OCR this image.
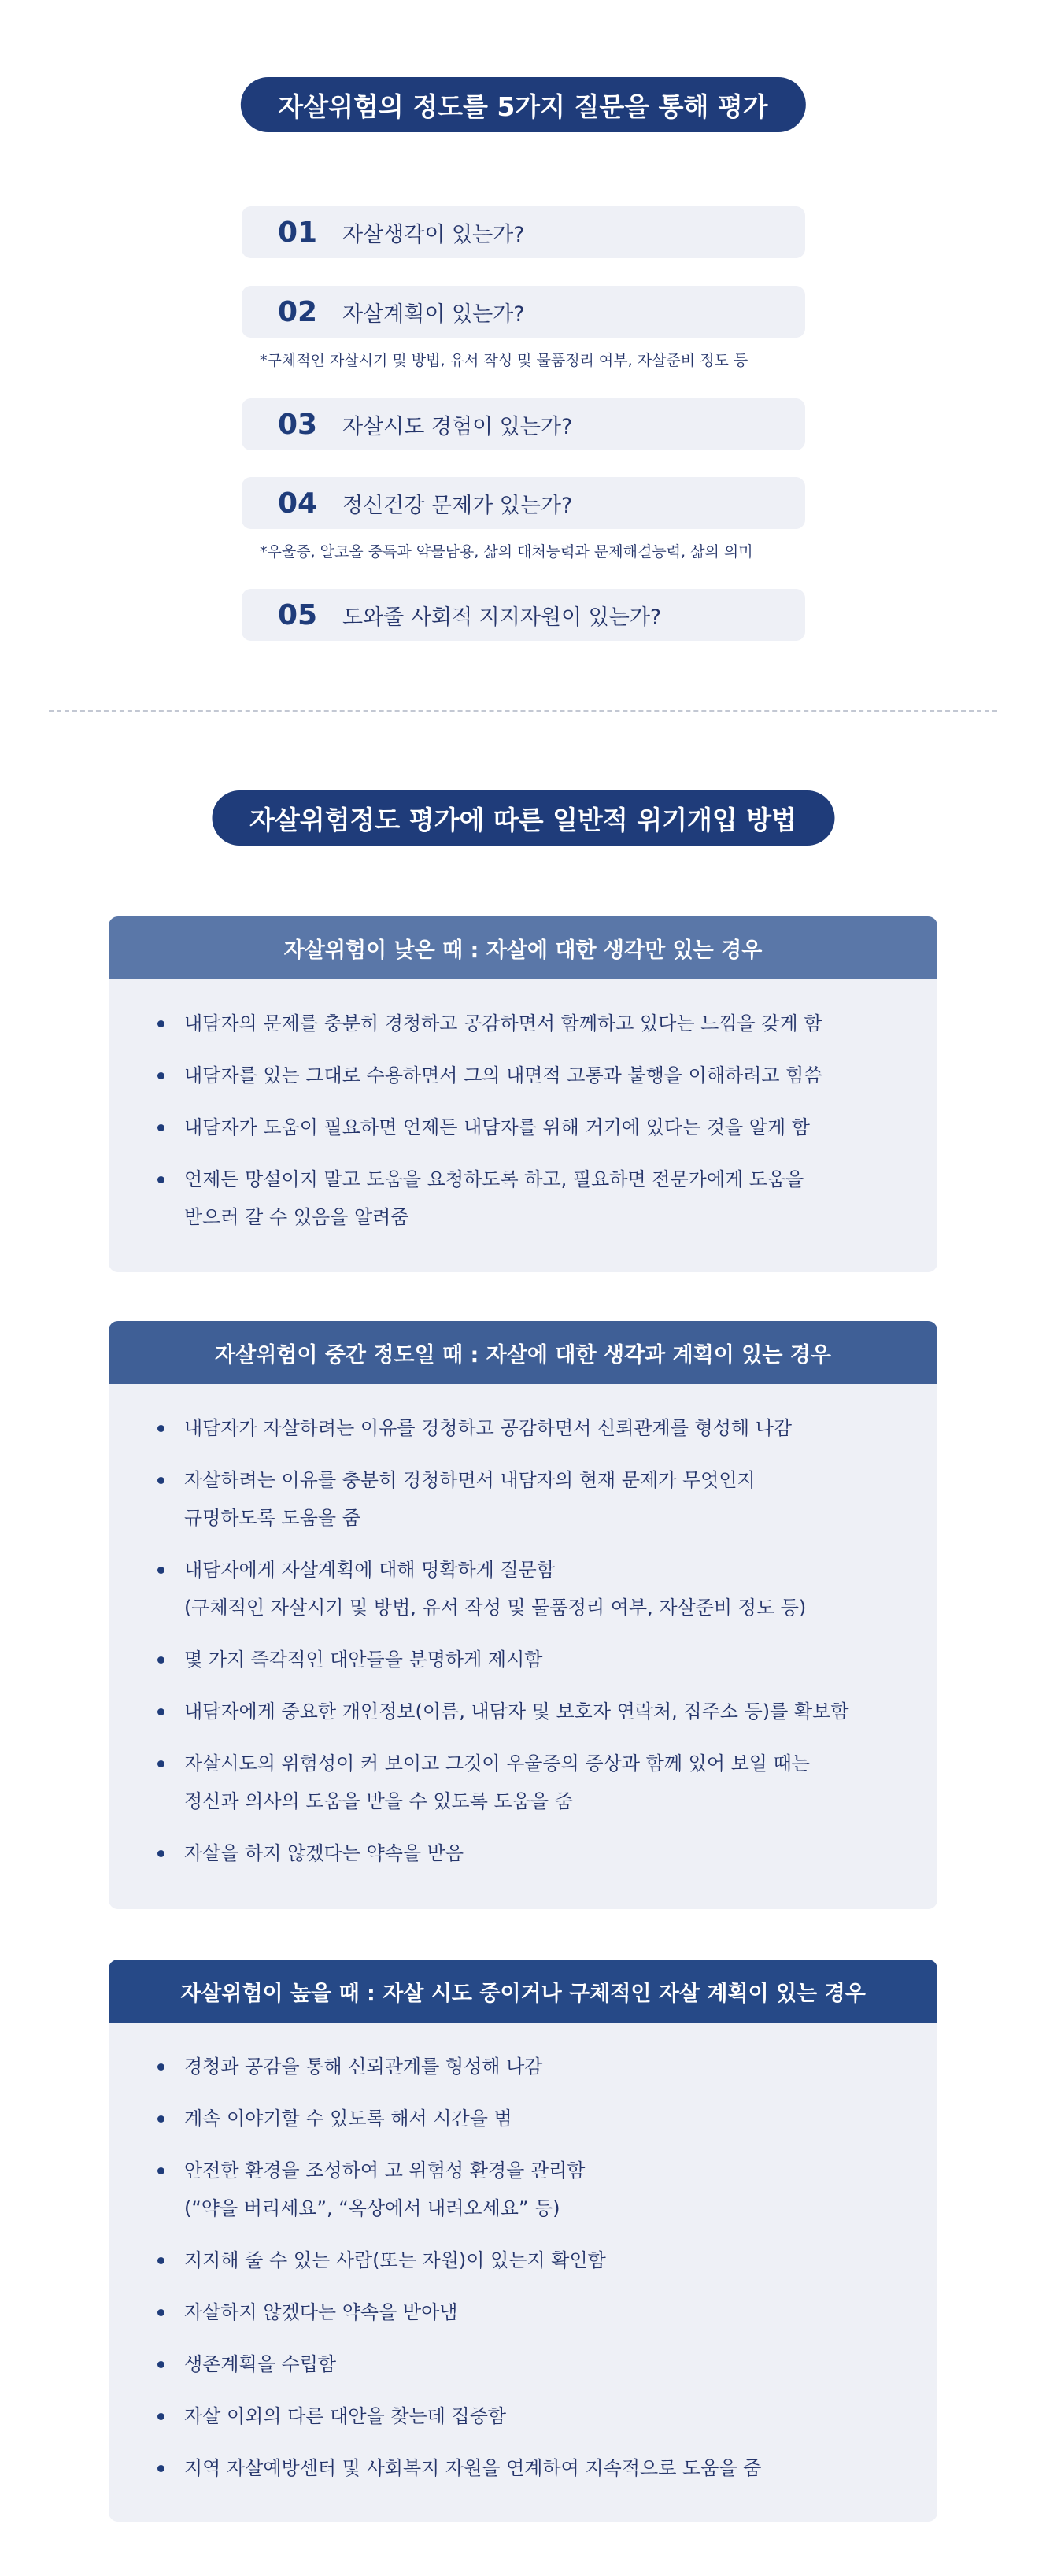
자살위험의 정도를 5가지 질문을 통해 평가
01	자살생각이 있는가?
02	자살계획이 있는가?
*구체적인 자살시기 및 방법, 유서 작성 및 물품정리 여부, 자살준비 정도 등
03	자살시도 경험이 있는가?
04	정신건강 문제가 있는가?
*우울증, 알코올 중독과 약물남용, 삶의 대처능력과 문제해결능력, 삶의 의미
05	도와줄 사회적 지지자원이 있는가?
자살위험정도 평가에 따른 일반적 위기개입 방법
자살위험이 낮은 때 : 자살에 대한 생각만 있는 경우
내담자의 문제를 충분히 경청하고 공감하면서 함께하고 있다는 느낌을 갖게 함
내담자를 있는 그대로 수용하면서 그의 내면적 고통과 불행을 이해하려고 힘씀
내담자가 도움이 필요하면 언제든 내담자를 위해 거기에 있다는 것을 알게 함
언제든 망설이지 말고 도움을 요청하도록 하고, 필요하면 전문가에게 도움을
받으러 갈 수 있음을 알려줌
자살위험이 중간 정도일 때 : 자살에 대한 생각과 계획이 있는 경우
내담자가 자살하려는 이유를 경청하고 공감하면서 신뢰관계를 형성해 나감
자살하려는 이유를 충분히 경청하면서 내담자의 현재 문제가 무엇인지
규명하도록 도움을 줌
내담자에게 자살계획에 대해 명확하게 질문함
(구체적인 자살시기 및 방법, 유서 작성 및 물품정리 여부, 자살준비 정도 등)
몇 가지 즉각적인 대안들을 분명하게 제시함
내담자에게 중요한 개인정보(이름, 내담자 및 보호자 연락처, 집주소 등)를 확보함
자살시도의 위험성이 커 보이고 그것이 우울증의 증상과 함께 있어 보일 때는
정신과 의사의 도움을 받을 수 있도록 도움을 줌
자살을 하지 않겠다는 약속을 받음
자살위험이 높을 때 : 자살 시도 중이거나 구체적인 자살 계획이 있는 경우
경청과 공감을 통해 신뢰관계를 형성해 나감
계속 이야기할 수 있도록 해서 시간을 범
안전한 환경을 조성하여 고 위험성 환경을 관리함
(“약을 버리세요”, “옥상에서 내려오세요” 등)
지지해 줄 수 있는 사람(또는 자원)이 있는지 확인함
자살하지 않겠다는 약속을 받아냄
생존계획을 수립함
자살 이외의 다른 대안을 찾는데 집중함
지역 자살예방센터 및 사회복지 자원을 연계하여 지속적으로 도움을 줌
